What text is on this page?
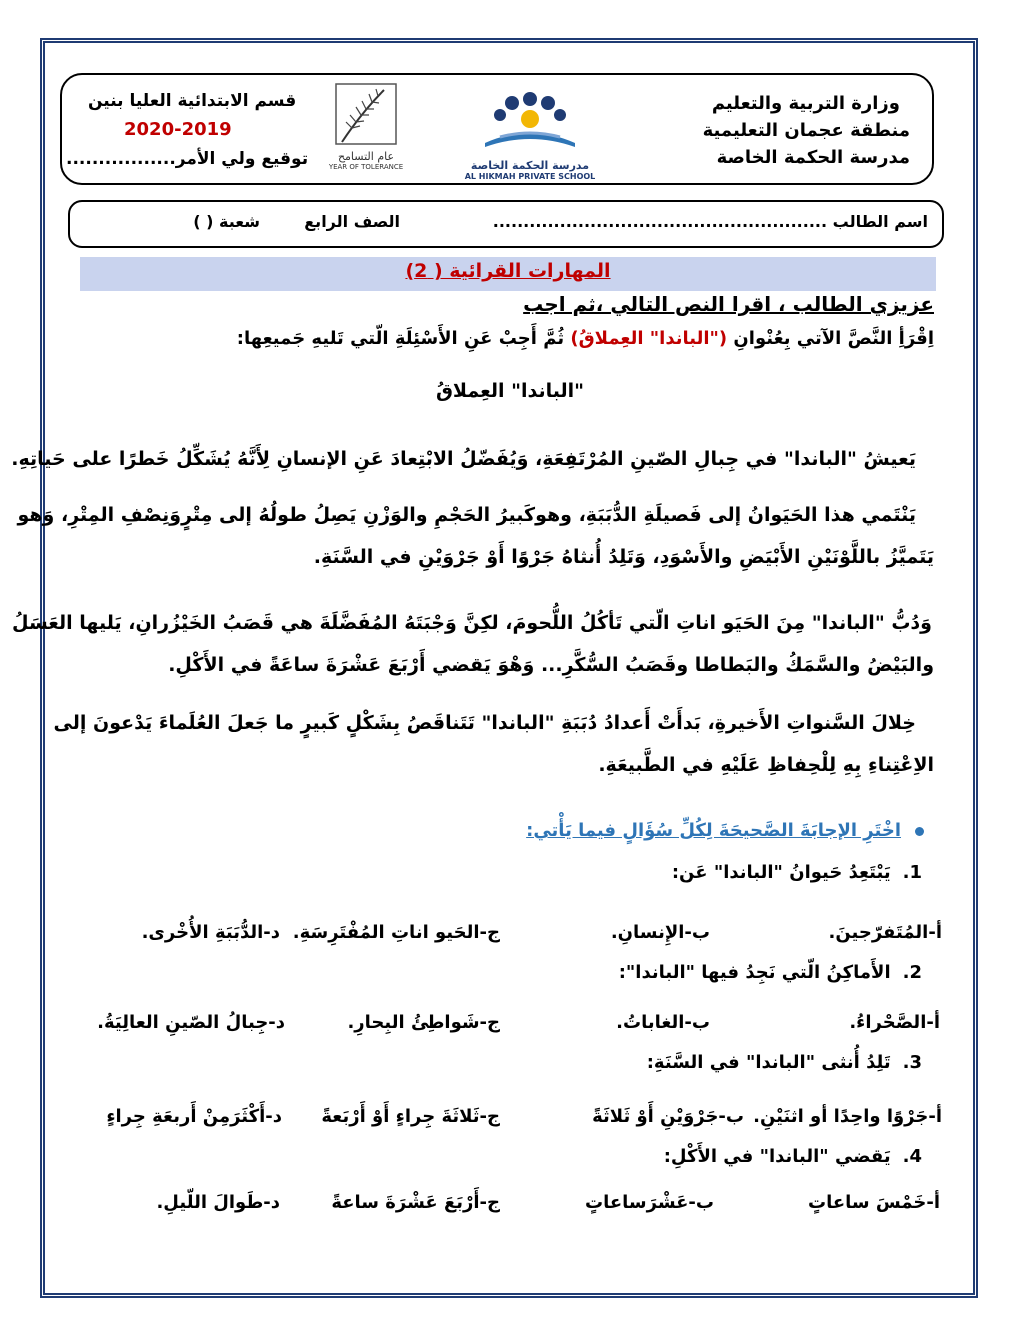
وزارة التربية والتعليم
منطقة عجمان التعليمية
مدرسة الحكمة الخاصة
قسم الابتدائية العليا بنين
2020-2019
توقيع ولي الأمر.................	مدرسة الحكمة الخاصة
AL HIKMAH PRIVATE SCHOOL
عام التسامح
YEAR OF TOLERANCE
اسم الطالب .......................................................
الصف الرابع
شعبة ( )
المهارات القرائية ( 2)
عزيزي الطالب ، اقرا النص التالي ،ثم اجب
اِقْرَأِ النَّصَّ الآتي بِعُنْوانِ ("الباندا" العِملاقُ) ثُمَّ أَجِبْ عَنِ الأَسْئِلَةِ الّتي تَليهِ جَميعِها:
"الباندا" العِملاقُ
يَعيشُ "الباندا" في جِبالِ الصّينِ المُرْتَفِعَةِ، وَيُفَضّلُ الابْتِعادَ عَنِ الإنسانِ لِأَنَّهُ يُشَكِّلُ خَطرًا على حَياتِهِ.
يَنْتَمي هذا الحَيَوانُ إلى فَصيلَةِ الدُّبَبَةِ، وهوكَبيرُ الحَجْمِ والوَزْنِ يَصِلُ طولُهُ إلى مِتْرٍوَنِصْفِ المِتْرِ، وَهو
يَتَميَّزُ باللَّوْنَيْنِ الأَبْيَضِ والأَسْوَدِ، وَتَلِدُ أُنثاهُ جَرْوًا أَوْ جَرْوَيْنِ في السَّنَةِ.
وَدُبُّ "الباندا" مِنَ الحَيَو اناتِ الّتي تَأكُلُ اللُّحومَ، لكِنَّ وَجْبَتَهُ المُفَضَّلَةَ هي قَصَبُ الخَيْزُرانِ، يَليها العَسَلُ
والبَيْضُ والسَّمَكُ والبَطاطا وقَصَبُ السُّكَّرِ... وَهْوَ يَقضي أَرْبَعَ عَشْرَةَ ساعَةً في الأَكْلِ.
خِلالَ السَّنواتِ الأَخيرةِ، بَدأَتْ أَعدادُ دُبَبَةِ "الباندا" تَتَناقَصُ بِشَكْلٍ كَبيرٍ ما جَعلَ العُلَماءَ يَدْعونَ إلى
الاِعْتِناءِ بِهِ لِلْحِفاظِ عَلَيْهِ في الطَّبيعَةِ.
اخْتَرِ الإجابَةَ الصَّحيحَةَ لِكُلِّ سُؤَالٍ فيما يَأْتي:
1.يَبْتَعِدُ حَيوانُ "الباندا" عَن:
أ-المُتَفرّجينَ.
ب-الإِنسانِ.
ج-الحَيو اناتِ المُفْتَرِسَةِ.
د-الدُّبَبَةِ الأُخْرى.
2.الأَماكِنُ الّتي نَجِدُ فيها "الباندا":
أ-الصَّحْراءُ.
ب-الغاباتُ.
ج-شَواطِئُ البِحارِ.
د-جِبالُ الصّينِ العالِيَةُ.
3.تَلِدُ أُنثى "الباندا" في السَّنَةِ:
أ-جَرْوًا واحِدًا أو اثنَيْنِ.
ب-جَرْوَيْنِ أَوْ ثَلاثَةً
ج-ثَلاثَةَ جِراءٍ أَوْ أَرْبَعةً
د-أَكْثَرَمِنْ أَربعَةِ جِراءٍ
4.يَقضي "الباندا" في الأَكْلِ:
أ-خَمْسَ ساعاتٍ
ب-عَشْرَساعاتٍ
ج-أَرْبَعَ عَشْرَةَ ساعةً
د-طَوالَ اللّيلِ.
